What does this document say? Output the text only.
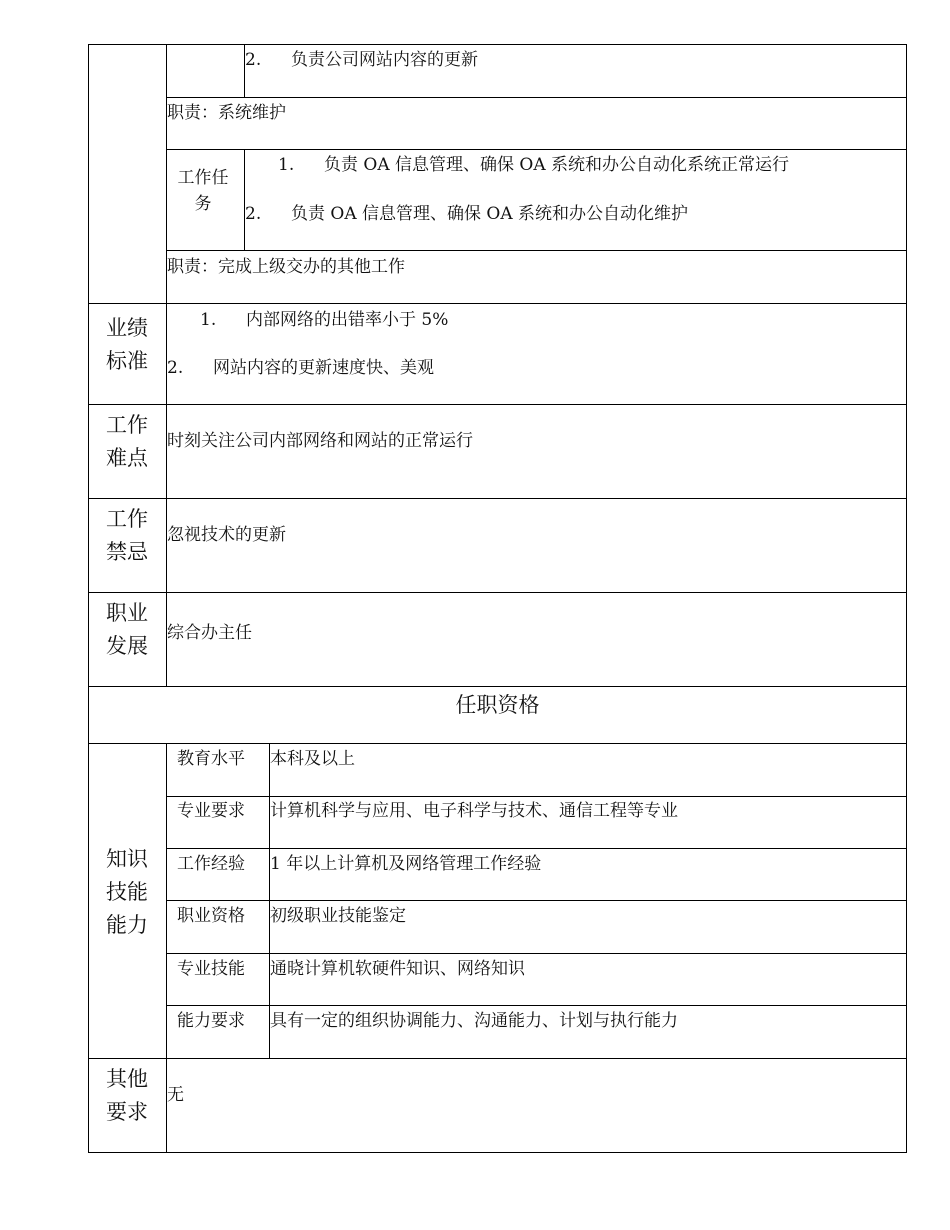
2. 负责公司网站内容的更新
职责：系统维护
工作任务
1. 负责 OA 信息管理、确保 OA 系统和办公自动化系统正常运行
2. 负责 OA 信息管理、确保 OA 系统和办公自动化维护
职责：完成上级交办的其他工作
业绩标准
1. 内部网络的出错率小于 5%
2. 网站内容的更新速度快、美观
工作难点
时刻关注公司内部网络和网站的正常运行
工作禁忌
忽视技术的更新
职业发展
综合办主任
任职资格
知识技能能力
教育水平 本科及以上
专业要求 计算机科学与应用、电子科学与技术、通信工程等专业
工作经验 1 年以上计算机及网络管理工作经验
职业资格 初级职业技能鉴定
专业技能 通晓计算机软硬件知识、网络知识
能力要求 具有一定的组织协调能力、沟通能力、计划与执行能力
其他要求
无
